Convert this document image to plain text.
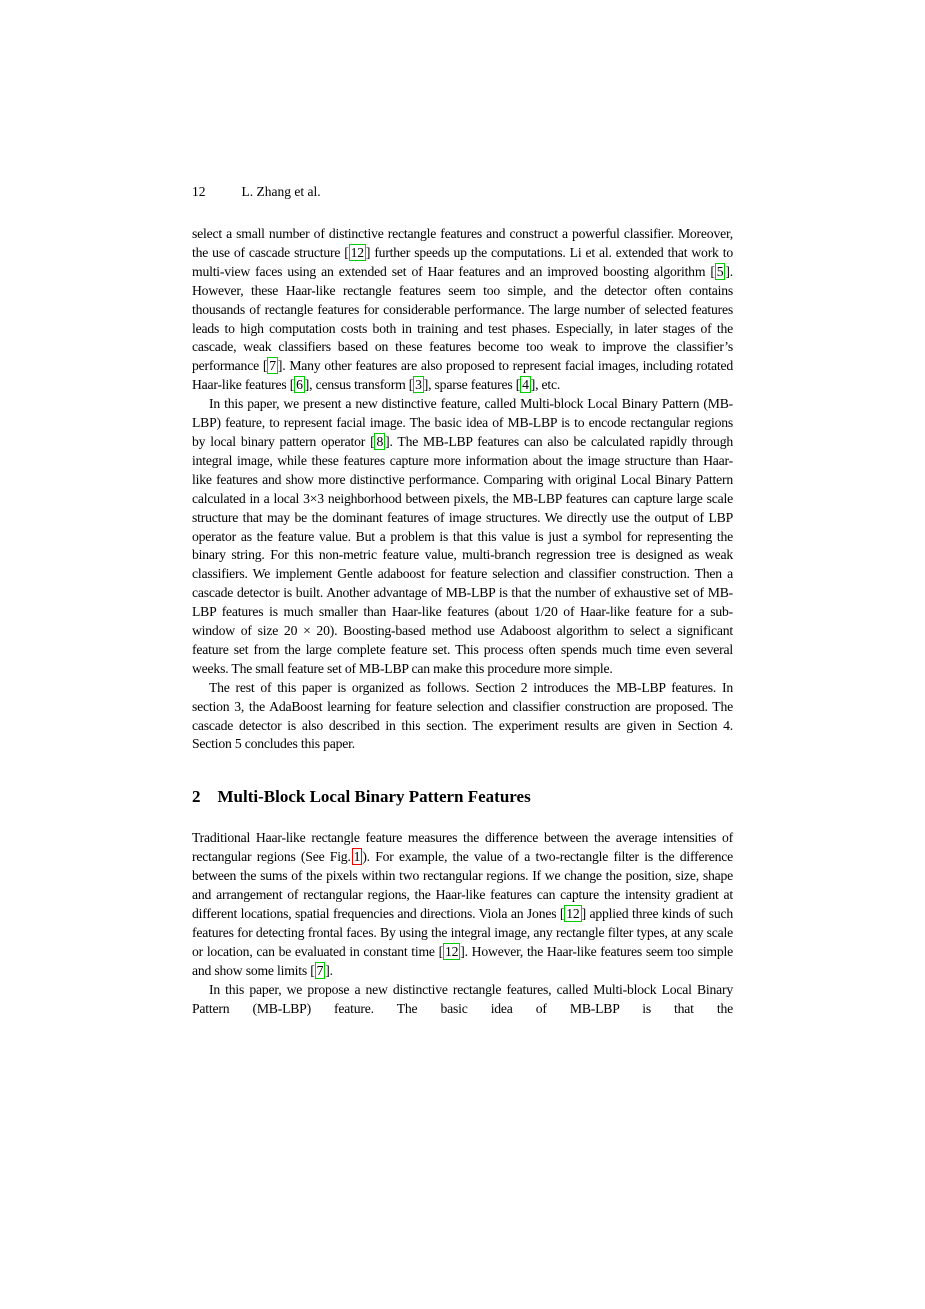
12	L. Zhang et al.

select a small number of distinctive rectangle features and construct a powerful classifier. Moreover, the use of cascade structure [ 12 ] further speeds up the computations. Li et al. extended that work to multi-view faces using an extended set of Haar features and an improved boosting algorithm [ 5 ]. However, these Haar-like rectangle features seem too simple, and the detector often contains thousands of rectangle features for considerable performance. The large number of selected features leads to high computation costs both in training and test phases. Especially, in later stages of the cascade, weak classifiers based on these features become too weak to improve the classifier’s performance [ 7 ]. Many other features are also proposed to represent facial images, including rotated Haar-like features [ 6 ], census transform [ 3 ], sparse features [ 4 ], etc.

In this paper, we present a new distinctive feature, called Multi-block Local Binary Pattern (MB-LBP) feature, to represent facial image. The basic idea of MB-LBP is to encode rectangular regions by local binary pattern operator [ 8 ]. The MB-LBP features can also be calculated rapidly through integral image, while these features capture more information about the image structure than Haar-like features and show more distinctive performance. Comparing with original Local Binary Pattern calculated in a local 3×3 neighborhood between pixels, the MB-LBP features can capture large scale structure that may be the dominant features of image structures. We directly use the output of LBP operator as the feature value. But a problem is that this value is just a symbol for representing the binary string. For this non-metric feature value, multi-branch regression tree is designed as weak classifiers. We implement Gentle adaboost for feature selection and classifier construction. Then a cascade detector is built. Another advantage of MB-LBP is that the number of exhaustive set of MB-LBP features is much smaller than Haar-like features (about 1/20 of Haar-like feature for a sub-window of size 20 × 20). Boosting-based method use Adaboost algorithm to select a significant feature set from the large complete feature set. This process often spends much time even several weeks. The small feature set of MB-LBP can make this procedure more simple.

The rest of this paper is organized as follows. Section 2 introduces the MB-LBP features. In section 3, the AdaBoost learning for feature selection and classifier construction are proposed. The cascade detector is also described in this section. The experiment results are given in Section 4. Section 5 concludes this paper.

2 Multi-Block Local Binary Pattern Features

Traditional Haar-like rectangle feature measures the difference between the average intensities of rectangular regions (See Fig. 1 ). For example, the value of a two-rectangle filter is the difference between the sums of the pixels within two rectangular regions. If we change the position, size, shape and arrangement of rectangular regions, the Haar-like features can capture the intensity gradient at different locations, spatial frequencies and directions. Viola an Jones [ 12 ] applied three kinds of such features for detecting frontal faces. By using the integral image, any rectangle filter types, at any scale or location, can be evaluated in constant time [ 12 ]. However, the Haar-like features seem too simple and show some limits [ 7 ].

In this paper, we propose a new distinctive rectangle features, called Multi-block Local Binary Pattern (MB-LBP) feature. The basic idea of MB-LBP is that the
